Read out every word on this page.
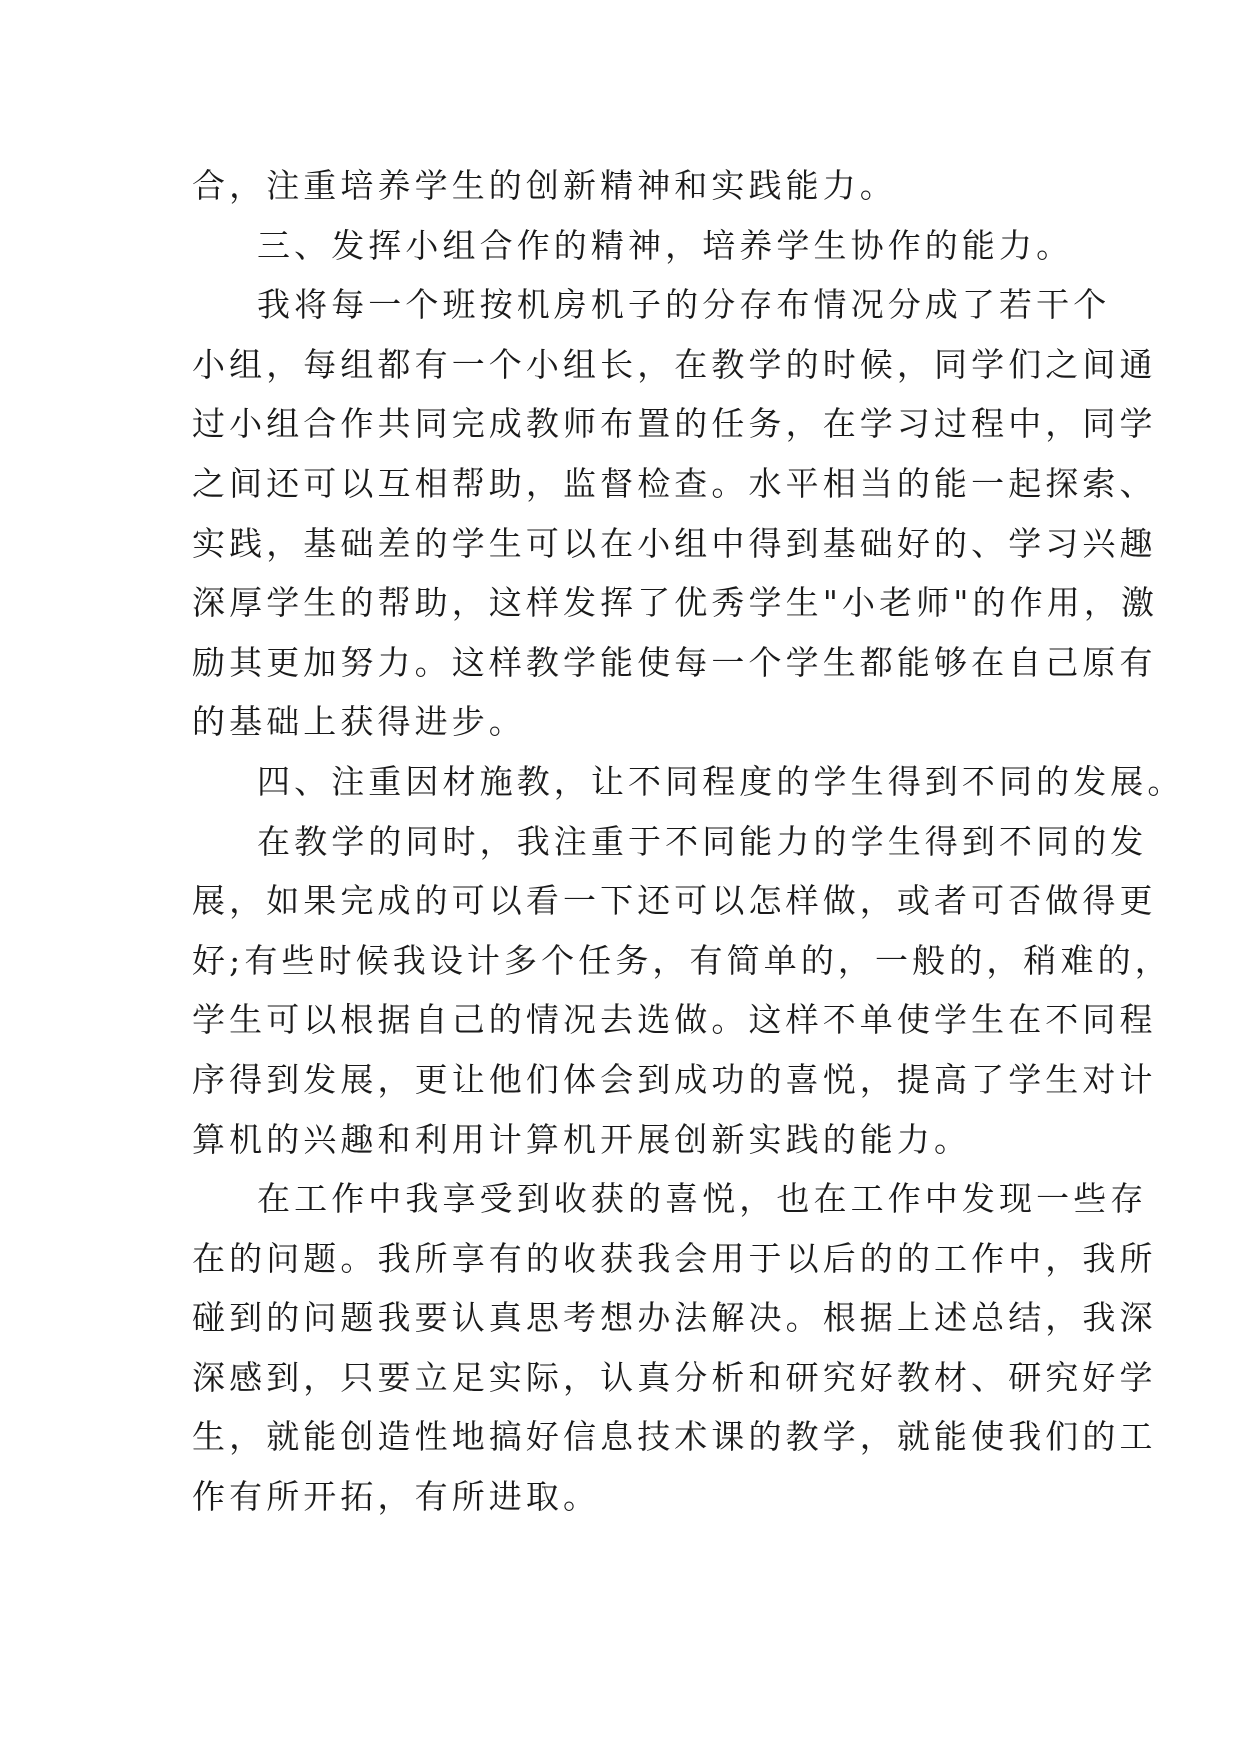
合，注重培养学生的创新精神和实践能力。
三、发挥小组合作的精神，培养学生协作的能力。
我将每一个班按机房机子的分存布情况分成了若干个
小组，每组都有一个小组长，在教学的时候，同学们之间通
过小组合作共同完成教师布置的任务，在学习过程中，同学
之间还可以互相帮助，监督检查。水平相当的能一起探索、
实践，基础差的学生可以在小组中得到基础好的、学习兴趣
深厚学生的帮助，这样发挥了优秀学生"小老师"的作用，激
励其更加努力。这样教学能使每一个学生都能够在自己原有
的基础上获得进步。
四、注重因材施教，让不同程度的学生得到不同的发展。
在教学的同时，我注重于不同能力的学生得到不同的发
展，如果完成的可以看一下还可以怎样做，或者可否做得更
好;有些时候我设计多个任务，有简单的，一般的，稍难的，
学生可以根据自己的情况去选做。这样不单使学生在不同程
序得到发展，更让他们体会到成功的喜悦，提高了学生对计
算机的兴趣和利用计算机开展创新实践的能力。
在工作中我享受到收获的喜悦，也在工作中发现一些存
在的问题。我所享有的收获我会用于以后的的工作中，我所
碰到的问题我要认真思考想办法解决。根据上述总结，我深
深感到，只要立足实际，认真分析和研究好教材、研究好学
生，就能创造性地搞好信息技术课的教学，就能使我们的工
作有所开拓，有所进取。
